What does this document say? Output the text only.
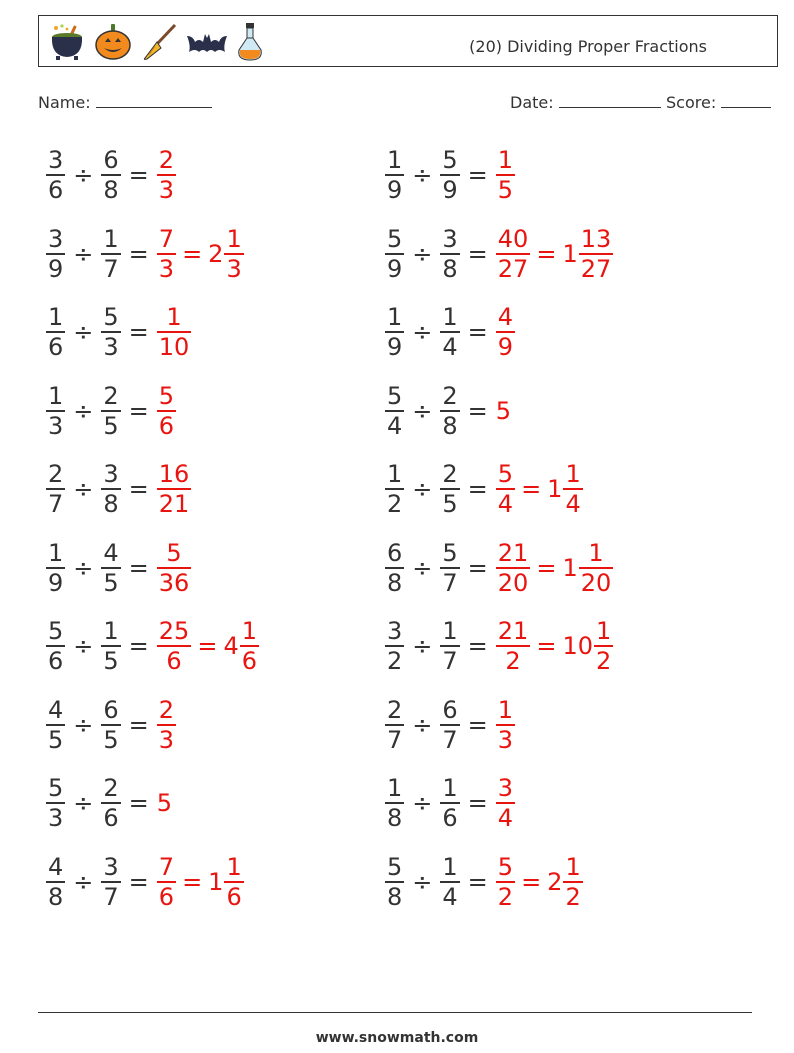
(20) Dividing Proper Fractions
Name:	Date:	Score:
$\frac{3}{6} \div \frac{6}{8} = \frac{2}{3}$
$\frac{3}{9} \div \frac{1}{7} = \frac{7}{3} = 2 \frac{1}{3}$
$\frac{1}{6} \div \frac{5}{3} = \frac{1}{10}$
$\frac{1}{3} \div \frac{2}{5} = \frac{5}{6}$
$\frac{2}{7} \div \frac{3}{8} = \frac{16}{21}$
$\frac{1}{9} \div \frac{4}{5} = \frac{5}{36}$
$\frac{5}{6} \div \frac{1}{5} = \frac{25}{6} = 4 \frac{1}{6}$
$\frac{4}{5} \div \frac{6}{5} = \frac{2}{3}$
$\frac{5}{3} \div \frac{2}{6} = 5$
$\frac{4}{8} \div \frac{3}{7} = \frac{7}{6} = 1 \frac{1}{6}$
$\frac{1}{9} \div \frac{5}{9} = \frac{1}{5}$
$\frac{5}{9} \div \frac{3}{8} = \frac{40}{27} = 1 \frac{13}{27}$
$\frac{1}{9} \div \frac{1}{4} = \frac{4}{9}$
$\frac{5}{4} \div \frac{2}{8} = 5$
$\frac{1}{2} \div \frac{2}{5} = \frac{5}{4} = 1 \frac{1}{4}$
$\frac{6}{8} \div \frac{5}{7} = \frac{21}{20} = 1 \frac{1}{20}$
$\frac{3}{2} \div \frac{1}{7} = \frac{21}{2} = 10 \frac{1}{2}$
$\frac{2}{7} \div \frac{6}{7} = \frac{1}{3}$
$\frac{1}{8} \div \frac{1}{6} = \frac{3}{4}$
$\frac{5}{8} \div \frac{1}{4} = \frac{5}{2} = 2 \frac{1}{2}$
www.snowmath.com
